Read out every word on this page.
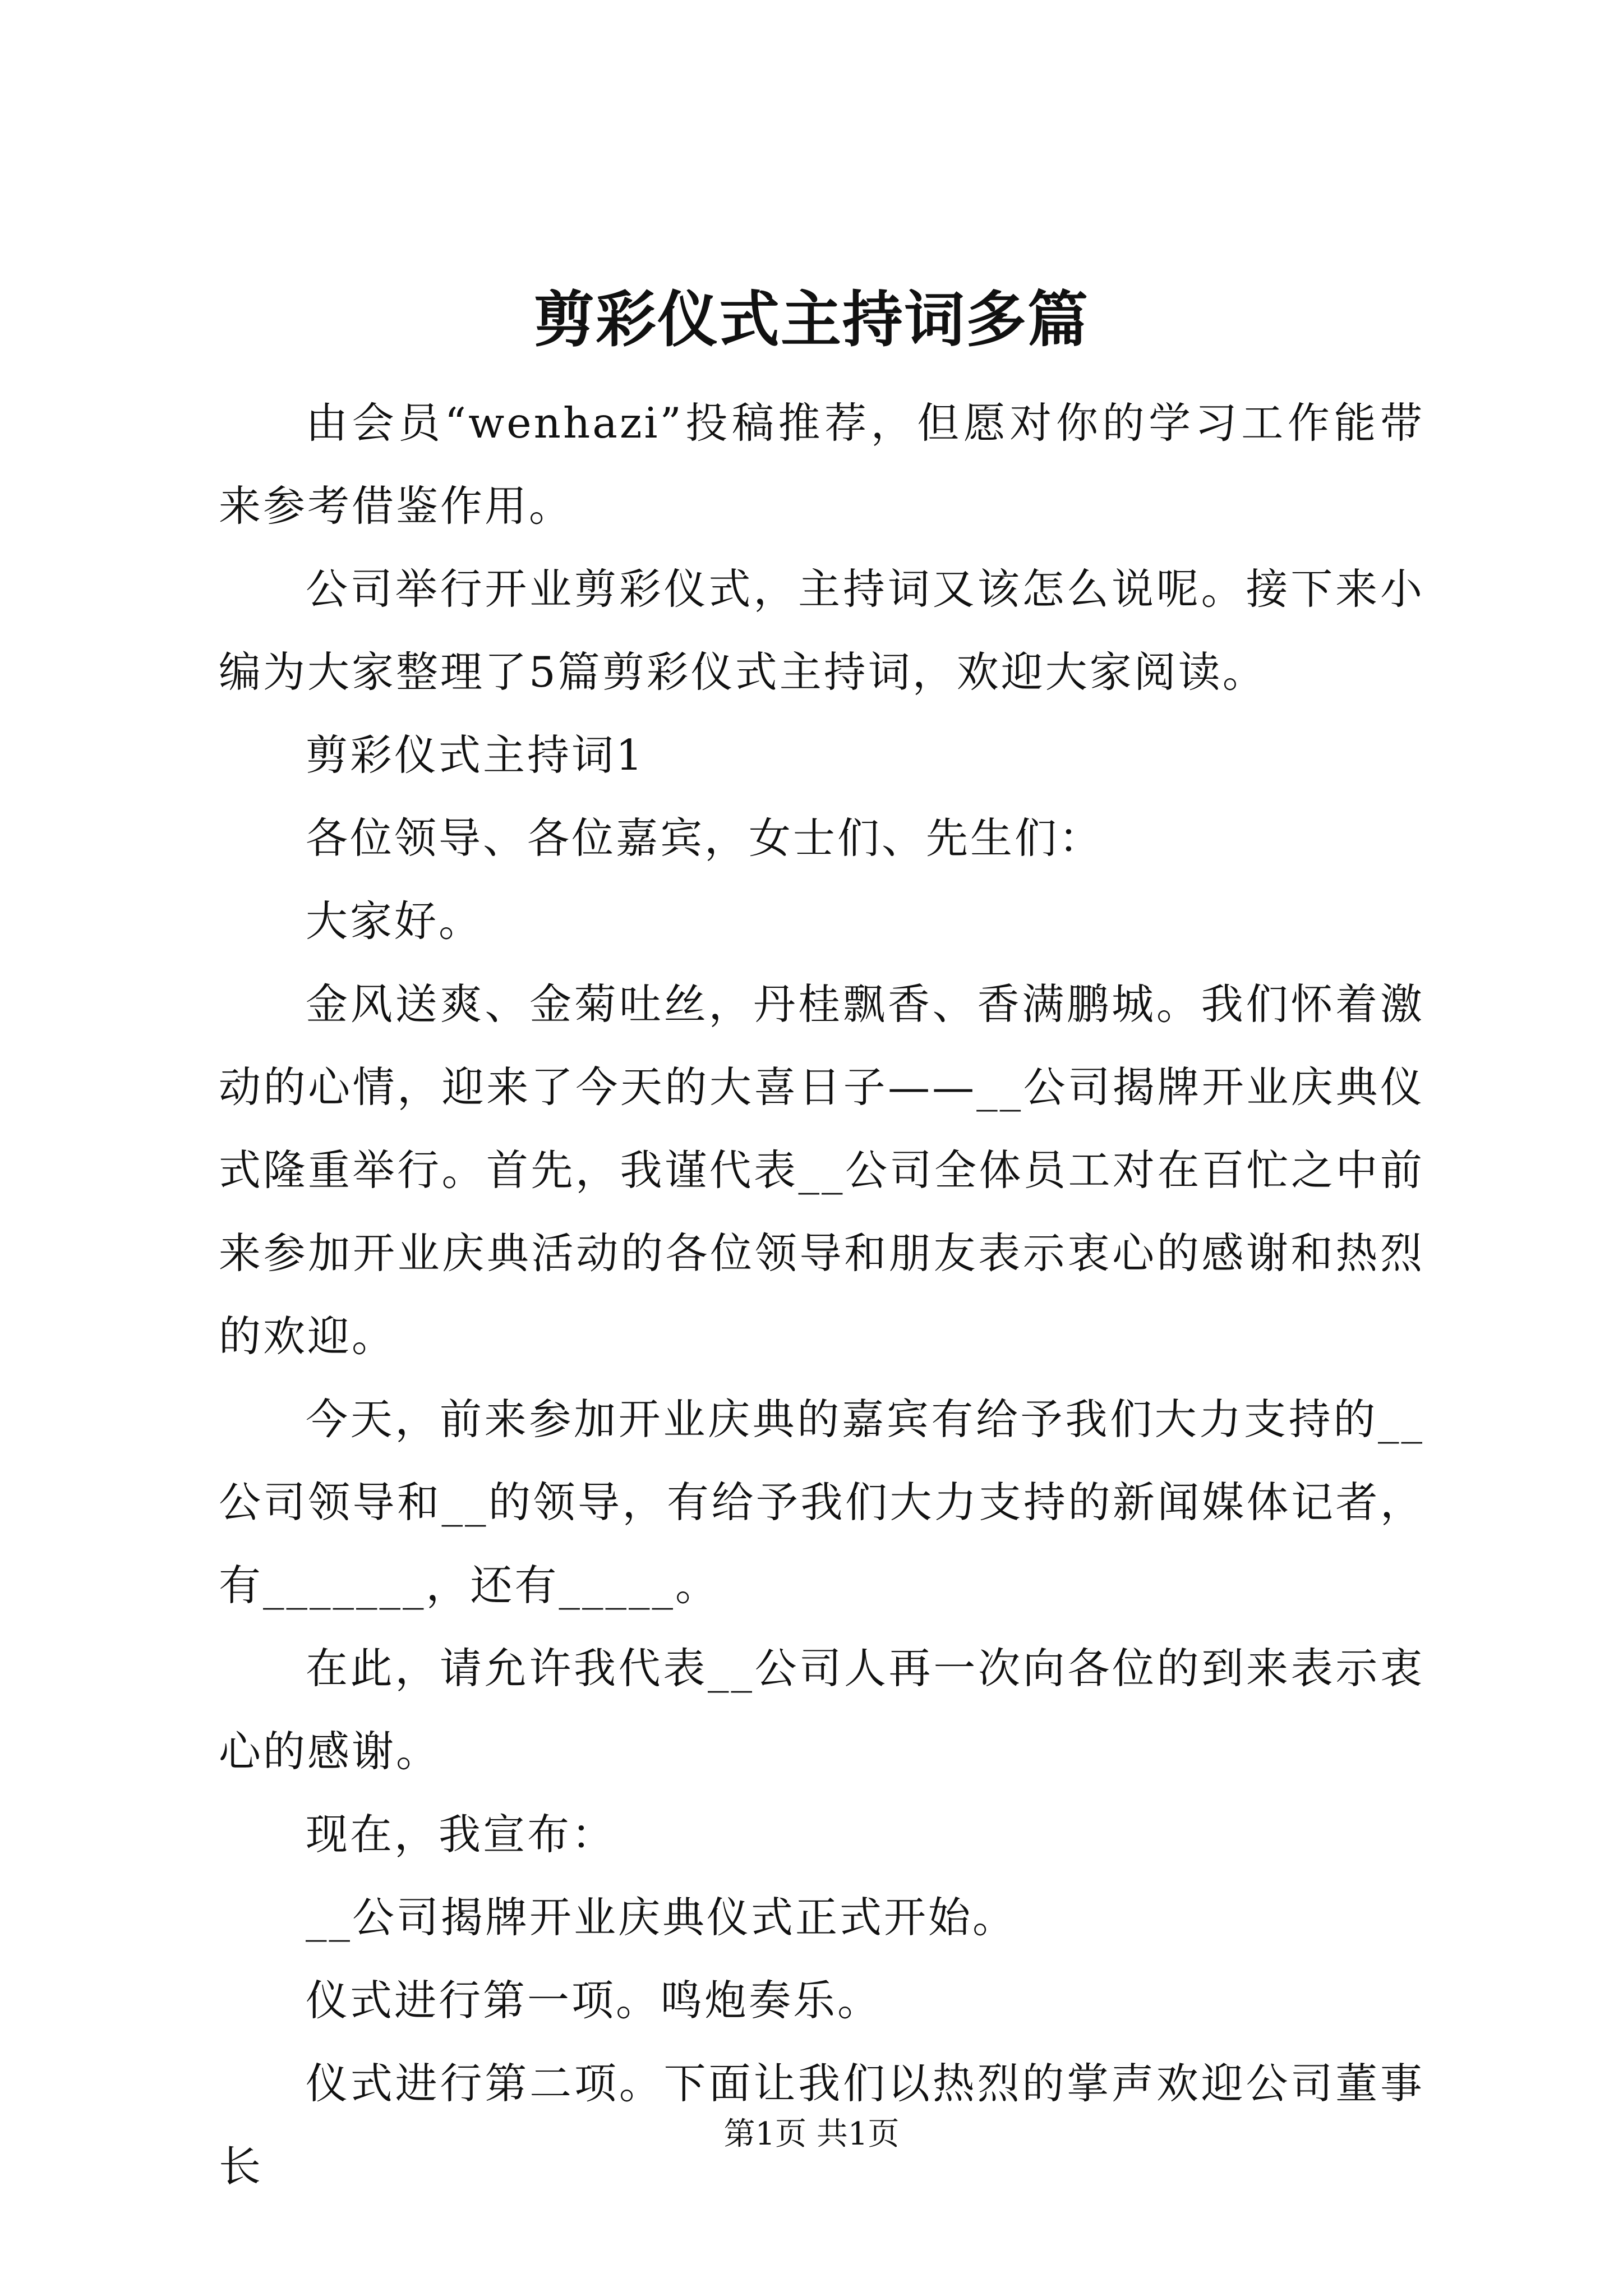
剪彩仪式主持词多篇

由会员“wenhazi”投稿推荐，但愿对你的学习工作能带来参考借鉴作用。

公司举行开业剪彩仪式，主持词又该怎么说呢。接下来小编为大家整理了5篇剪彩仪式主持词，欢迎大家阅读。

剪彩仪式主持词1

各位领导、各位嘉宾，女士们、先生们：

大家好。

金风送爽、金菊吐丝，丹桂飘香、香满鹏城。我们怀着激动的心情，迎来了今天的大喜日子——__公司揭牌开业庆典仪式隆重举行。首先，我谨代表__公司全体员工对在百忙之中前来参加开业庆典活动的各位领导和朋友表示衷心的感谢和热烈的欢迎。

今天，前来参加开业庆典的嘉宾有给予我们大力支持的__公司领导和__的领导，有给予我们大力支持的新闻媒体记者，有_______，还有_____。

在此，请允许我代表__公司人再一次向各位的到来表示衷心的感谢。

现在，我宣布：

__公司揭牌开业庆典仪式正式开始。

仪式进行第一项。鸣炮奏乐。

仪式进行第二项。下面让我们以热烈的掌声欢迎公司董事长

第1页 共1页
